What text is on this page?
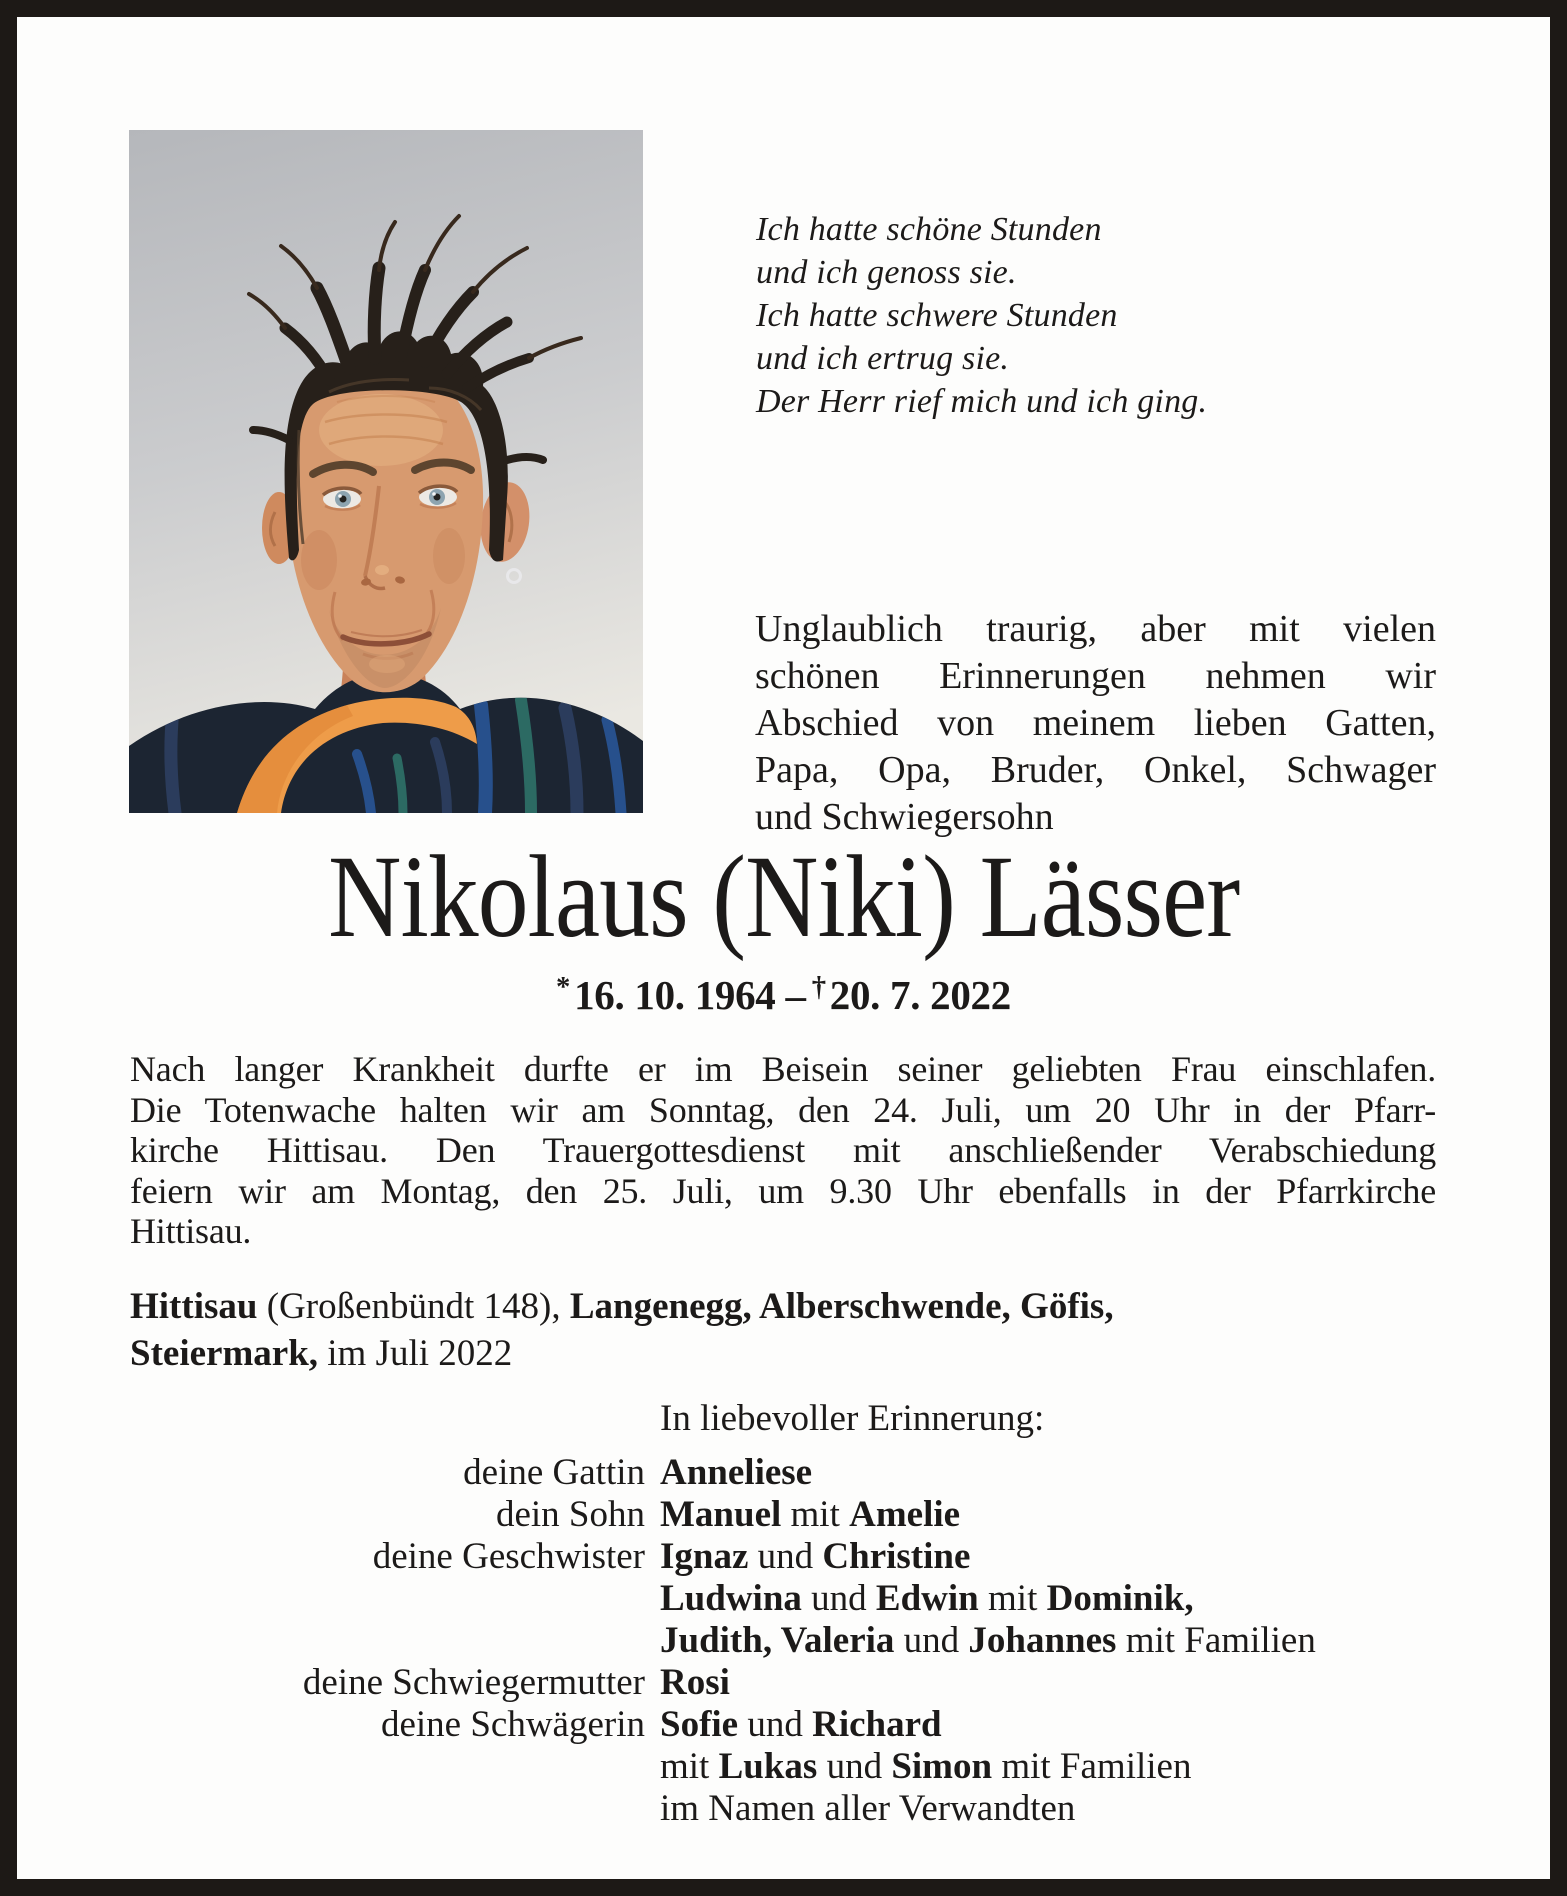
Ich hatte schöne Stunden
und ich genoss sie.
Ich hatte schwere Stunden
und ich ertrug sie.
Der Herr rief mich und ich ging.
Unglaublich traurig, aber mit vielen
schönen Erinnerungen nehmen wir
Abschied von meinem lieben Gatten,
Papa, Opa, Bruder, Onkel, Schwager
und Schwiegersohn
Nikolaus (Niki) Lässer
*16. 10. 1964 – †20. 7. 2022
Nach langer Krankheit durfte er im Beisein seiner geliebten Frau einschlafen.
Die Totenwache halten wir am Sonntag, den 24. Juli, um 20 Uhr in der Pfarr-
kirche Hittisau. Den Trauergottesdienst mit anschließender Verabschiedung
feiern wir am Montag, den 25. Juli, um 9.30 Uhr ebenfalls in der Pfarrkirche
Hittisau.
Hittisau (Großenbündt 148), Langenegg, Alberschwende, Göfis,
Steiermark, im Juli 2022
In liebevoller Erinnerung:
deine Gattin Anneliese
dein Sohn Manuel mit Amelie
deine Geschwister Ignaz und Christine
Ludwina und Edwin mit Dominik,
Judith, Valeria und Johannes mit Familien
deine Schwiegermutter Rosi
deine Schwägerin Sofie und Richard
mit Lukas und Simon mit Familien
im Namen aller Verwandten
